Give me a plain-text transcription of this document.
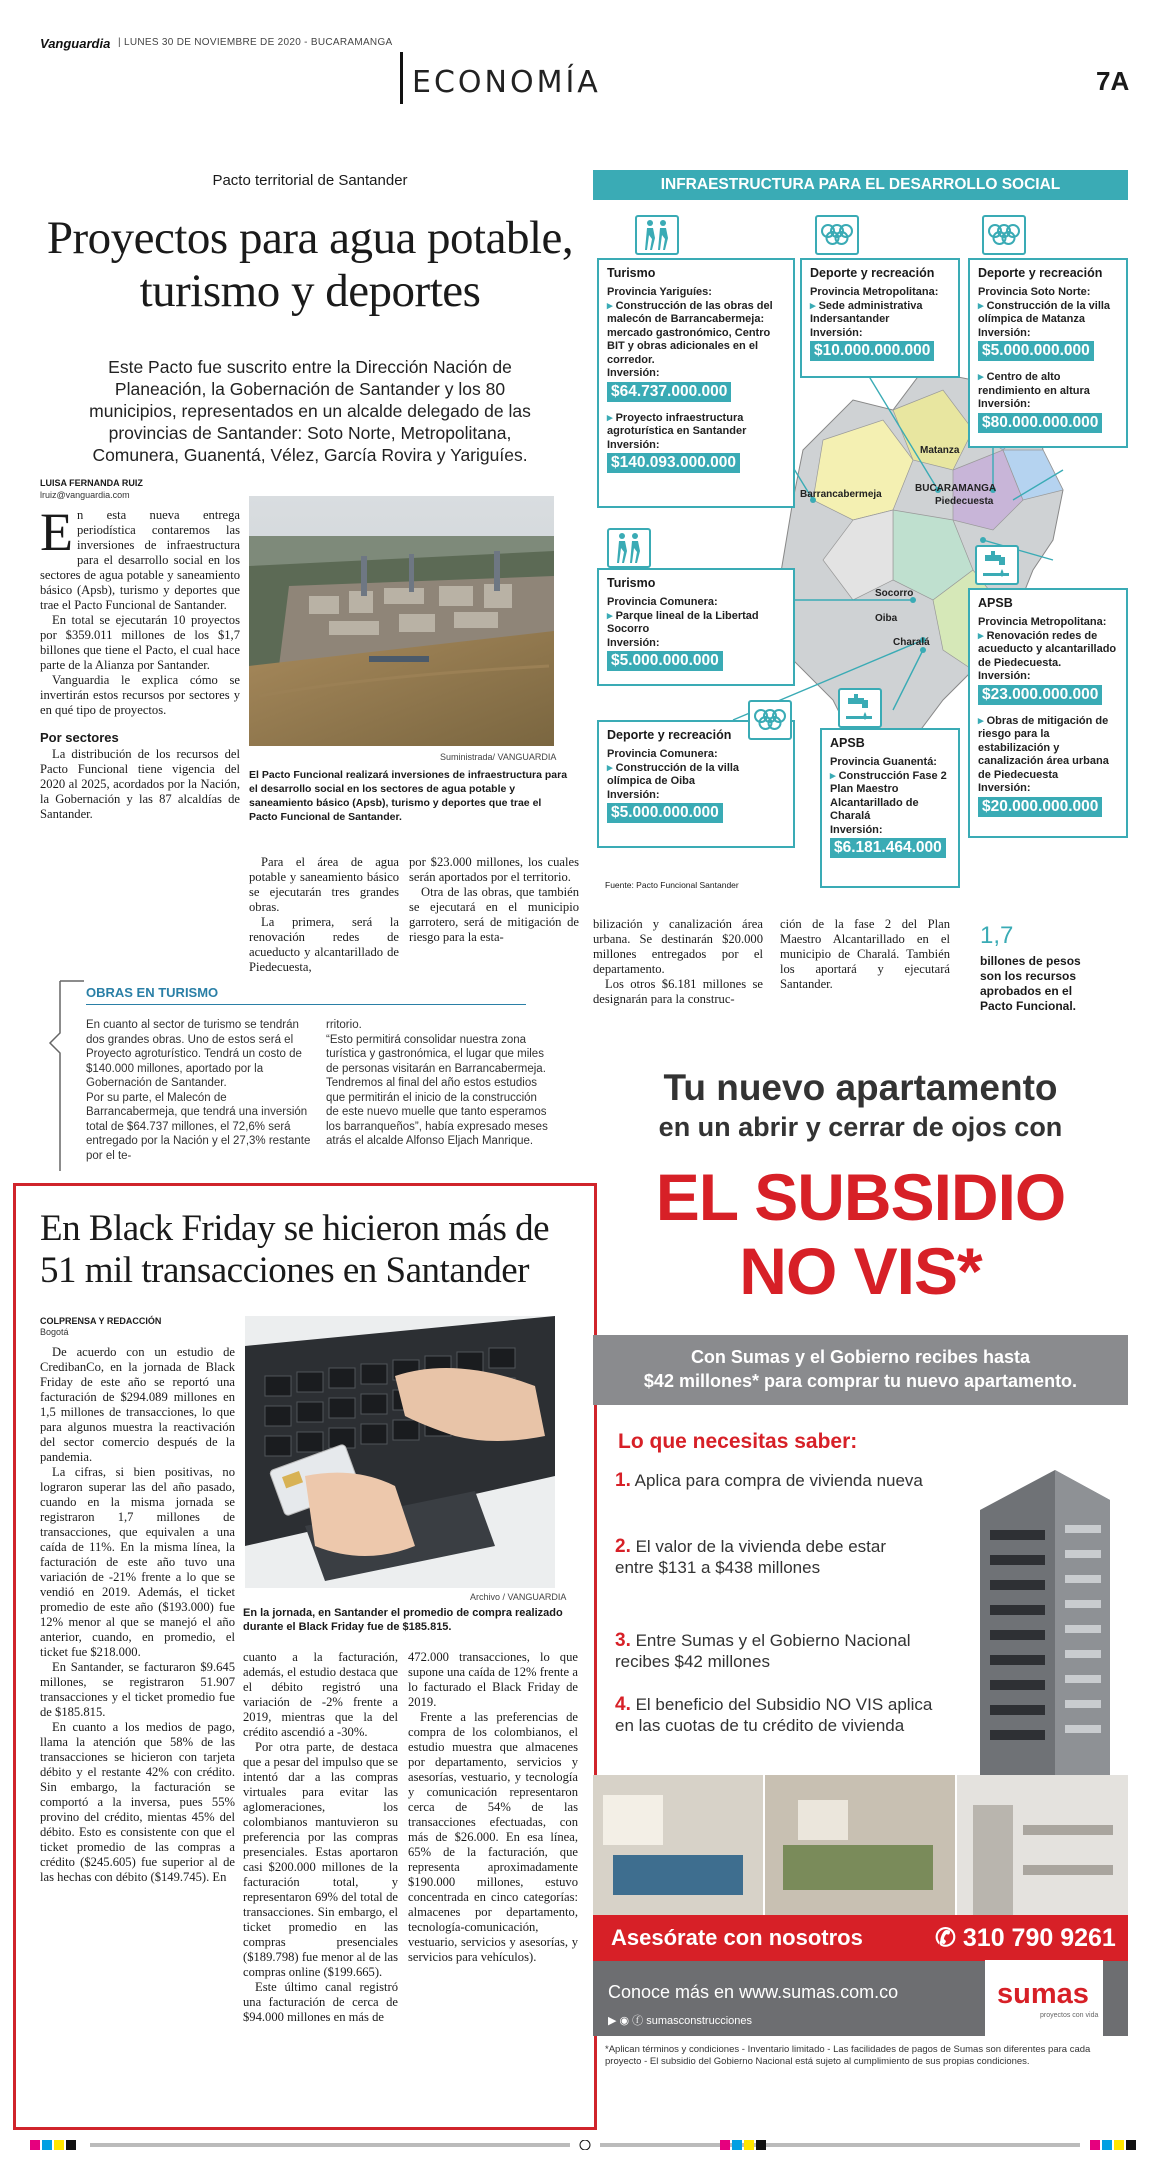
Vanguardia | LUNES 30 DE NOVIEMBRE DE 2020 - BUCARAMANGA
ECONOMÍA	7A
Pacto territorial de Santander
Proyectos para agua potable, turismo y deportes
Este Pacto fue suscrito entre la Dirección Nación de Planeación, la Gobernación de Santander y los 80 municipios, representados en un alcalde delegado de las provincias de Santander: Soto Norte, Metropolitana, Comunera, Guanentá, Vélez, García Rovira y Yariguíes.
LUISA FERNANDA RUIZ
lruiz@vanguardia.com
Suministrada/ VANGUARDIA
El Pacto Funcional realizará inversiones de infraestructura para el desarrollo social en los sectores de agua potable y saneamiento básico (Apsb), turismo y deportes que trae el Pacto Funcional de Santander.

En esta nueva entrega periodística contaremos las inversiones de infraestructura para el desarrollo social en los sectores de agua potable y saneamiento básico (Apsb), turismo y deportes que trae el Pacto Funcional de Santander.

En total se ejecutarán 10 proyectos por $359.011 millones de los $1,7 billones que tiene el Pacto, el cual hace parte de la Alianza por Santander.

Vanguardia le explica cómo se invertirán estos recursos por sectores y en qué tipo de proyectos.

Por sectores

La distribución de los recursos del Pacto Funcional tiene vigencia del 2020 al 2025, acordados por la Nación, la Gobernación y las 87 alcaldías de Santander.

Para el área de agua potable y saneamiento básico se ejecutarán tres grandes obras.

La primera, será la renovación redes de acueducto y alcantarillado de Piedecuesta,

por $23.000 millones, los cuales serán aportados por el territorio.

Otra de las obras, que también se ejecutará en el municipio garrotero, será de mitigación de riesgo para la esta-

bilización y canalización área urbana. Se destinarán $20.000 millones entregados por el departamento.

Los otros $6.181 millones se designarán para la construc-

ción de la fase 2 del Plan Maestro Alcantarillado en el municipio de Charalá. También los aportará y ejecutará Santander.

OBRAS EN TURISMO

En cuanto al sector de turismo se tendrán dos grandes obras. Uno de estos será el Proyecto agroturístico. Tendrá un costo de $140.000 millones, aportado por la Gobernación de Santander.

Por su parte, el Malecón de Barrancabermeja, que tendrá una inversión total de $64.737 millones, el 72,6% será entregado por la Nación y el 27,3% restante por el te-

rritorio.

“Esto permitirá consolidar nuestra zona turística y gastronómica, el lugar que miles de personas visitarán en Barrancabermeja. Tendremos al final del año estos estudios que permitirán el inicio de la construcción de este nuevo muelle que tanto esperamos los barranqueños”, había expresado meses atrás el alcalde Alfonso Eljach Manrique.

INFRAESTRUCTURA PARA EL DESARROLLO SOCIAL
Matanza
BUCARAMANGA
Piedecuesta
Barrancabermeja
Socorro
Oiba
Charalá
Turismo
Provincia Yariguíes:
▸ Construcción de las obras del malecón de Barrancabermeja: mercado gastronómico, Centro BIT y obras adicionales en el corredor.
Inversión:
$64.737.000.000
▸ Proyecto infraestructura agroturística en Santander
Inversión:
$140.093.000.000
Deporte y recreación
Provincia Metropolitana:
▸ Sede administrativa Indersantander
Inversión:
$10.000.000.000
Deporte y recreación
Provincia Soto Norte:
▸ Construcción de la villa olímpica de Matanza
Inversión:
$5.000.000.000
▸ Centro de alto rendimiento en altura
Inversión:
$80.000.000.000
Turismo
Provincia Comunera:
▸ Parque lineal de la Libertad Socorro
Inversión:
$5.000.000.000
APSB
Provincia Metropolitana:
▸ Renovación redes de acueducto y alcantarillado de Piedecuesta.
Inversión:
$23.000.000.000
▸ Obras de mitigación de riesgo para la estabilización y canalización área urbana de Piedecuesta
Inversión:
$20.000.000.000
Deporte y recreación
Provincia Comunera:
▸ Construcción de la villa olímpica de Oiba
Inversión:
$5.000.000.000
APSB
Provincia Guanentá:
▸ Construcción Fase 2 Plan Maestro Alcantarillado de Charalá
Inversión:
$6.181.464.000
Fuente: Pacto Funcional Santander
1,7
billones de pesos son los recursos aprobados en el Pacto Funcional.
En Black Friday se hicieron más de 51 mil transacciones en Santander
COLPRENSA Y REDACCIÓN
Bogotá
Archivo / VANGUARDIA
En la jornada, en Santander el promedio de compra realizado durante el Black Friday fue de $185.815.

De acuerdo con un estudio de CredibanCo, en la jornada de Black Friday de este año se reportó una facturación de $294.089 millones en 1,5 millones de transacciones, lo que para algunos muestra la reactivación del sector comercio después de la pandemia.

La cifras, si bien positivas, no lograron superar las del año pasado, cuando en la misma jornada se registraron 1,7 millones de transacciones, que equivalen a una caída de 11%. En la misma línea, la facturación de este año tuvo una variación de -21% frente a lo que se vendió en 2019. Además, el ticket promedio de este año ($193.000) fue 12% menor al que se manejó el año anterior, cuando, en promedio, el ticket fue $218.000.

En Santander, se facturaron $9.645 millones, se registraron 51.907 transacciones y el ticket promedio fue de $185.815.

En cuanto a los medios de pago, llama la atención que 58% de las transacciones se hicieron con tarjeta débito y el restante 42% con crédito. Sin embargo, la facturación se comportó a la inversa, pues 55% provino del crédito, mientas 45% del débito. Esto es consistente con que el ticket promedio de las compras a crédito ($245.605) fue superior al de las hechas con débito ($149.745). En

cuanto a la facturación, además, el estudio destaca que el débito registró una variación de -2% frente a 2019, mientras que la del crédito ascendió a -30%.

Por otra parte, de destaca que a pesar del impulso que se intentó dar a las compras virtuales para evitar las aglomeraciones, los colombianos mantuvieron su preferencia por las compras presenciales. Estas aportaron casi $200.000 millones de la facturación total, y representaron 69% del total de transacciones. Sin embargo, el ticket promedio en las compras presenciales ($189.798) fue menor al de las compras online ($199.665).

Este último canal registró una facturación de cerca de $94.000 millones en más de

472.000 transacciones, lo que supone una caída de 12% frente a lo facturado el Black Friday de 2019.

Frente a las preferencias de compra de los colombianos, el estudio muestra que almacenes por departamento, servicios y asesorías, vestuario, y tecnología y comunicación representaron cerca de 54% de las transacciones efectuadas, con más de $26.000. En esa línea, 65% de la facturación, que representa aproximadamente $190.000 millones, estuvo concentrada en cinco categorías: almacenes por departamento, tecnología-comunicación, vestuario, servicios y asesorías, y servicios para vehículos).

Tu nuevo apartamento
en un abrir y cerrar de ojos con
EL SUBSIDIO
NO VIS*
Con Sumas y el Gobierno recibes hasta
$42 millones* para comprar tu nuevo apartamento.
Lo que necesitas saber:
1. Aplica para compra de vivienda nueva
2. El valor de la vivienda debe estar entre $131 a $438 millones
3. Entre Sumas y el Gobierno Nacional recibes $42 millones
4. El beneficio del Subsidio NO VIS aplica en las cuotas de tu crédito de vivienda
Asesórate con nosotros	✆ 310 790 9261
Conoce más en www.sumas.com.co
▶ ◉ ⓕ sumasconstrucciones
sumas
proyectos con vida
*Aplican términos y condiciones - Inventario limitado - Las facilidades de pagos de Sumas son diferentes para cada proyecto - El subsidio del Gobierno Nacional está sujeto al cumplimiento de sus propias condiciones.
